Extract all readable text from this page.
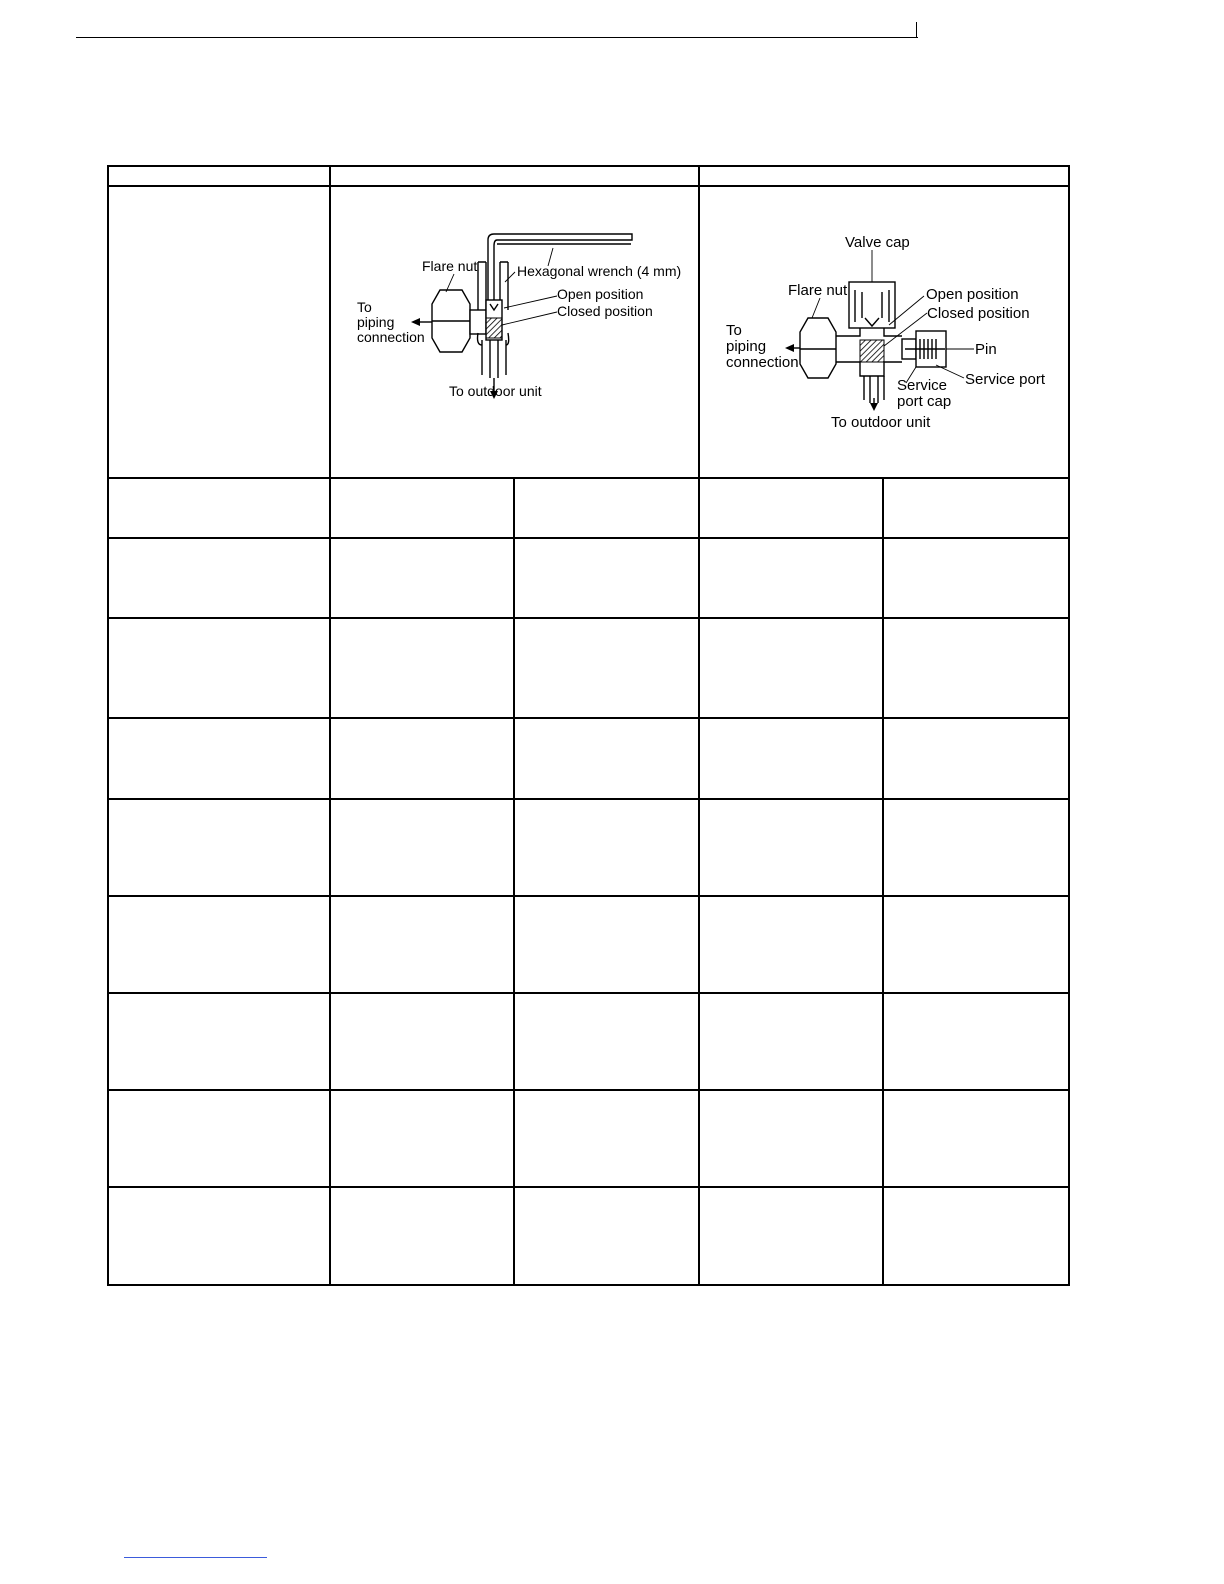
Flare nut	Hexagonal wrench (4 mm)
Open position
Closed position
To
piping
connection
To outdoor unit
Valve cap
Flare nut	Open position
Closed position
Pin
To
piping
connection
Service
port cap
Service port
To outdoor unit
